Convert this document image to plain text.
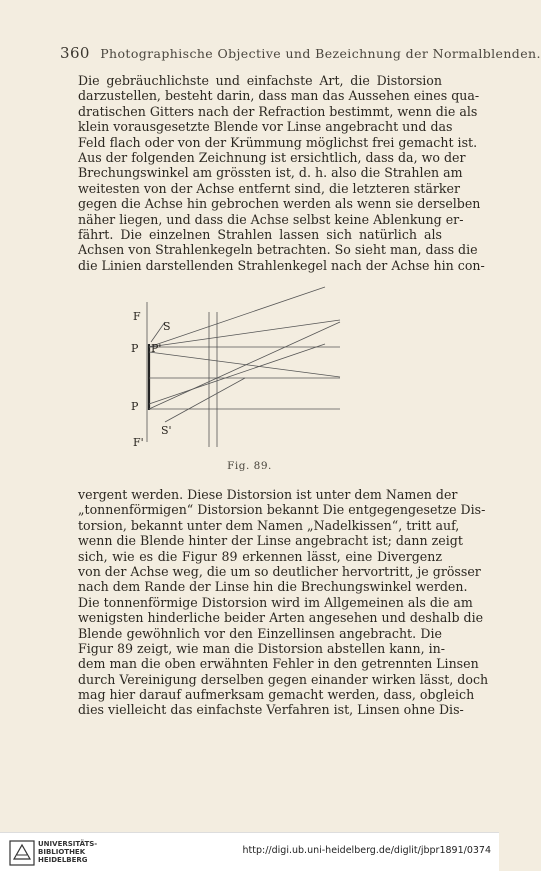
360 Photographische Objective und Bezeichnung der Normalblenden.
Die gebräuchlichste und einfachste Art, die Distorsion
darzustellen, besteht darin, dass man das Aussehen eines qua-
dratischen Gitters nach der Refraction bestimmt, wenn die als
klein vorausgesetzte Blende vor Linse angebracht und das
Feld flach oder von der Krümmung möglichst frei gemacht ist.
Aus der folgenden Zeichnung ist ersichtlich, dass da, wo der
Brechungswinkel am grössten ist, d. h. also die Strahlen am
weitesten von der Achse entfernt sind, die letzteren stärker
gegen die Achse hin gebrochen werden als wenn sie derselben
näher liegen, und dass die Achse selbst keine Ablenkung er-
fährt. Die einzelnen Strahlen lassen sich natürlich als
Achsen von Strahlenkegeln betrachten. So sieht man, dass die
die Linien darstellenden Strahlenkegel nach der Achse hin con-
F
S
P P'
P
S'
F'
Fig. 89.
vergent werden. Diese Distorsion ist unter dem Namen der
„tonnenförmigen“ Distorsion bekannt Die entgegengesetze Dis-
torsion, bekannt unter dem Namen „Nadelkissen“, tritt auf,
wenn die Blende hinter der Linse angebracht ist; dann zeigt
sich, wie es die Figur 89 erkennen lässt, eine Divergenz
von der Achse weg, die um so deutlicher hervortritt, je grösser
nach dem Rande der Linse hin die Brechungswinkel werden.
Die tonnenförmige Distorsion wird im Allgemeinen als die am
wenigsten hinderliche beider Arten angesehen und deshalb die
Blende gewöhnlich vor den Einzellinsen angebracht. Die
Figur 89 zeigt, wie man die Distorsion abstellen kann, in-
dem man die oben erwähnten Fehler in den getrennten Linsen
durch Vereinigung derselben gegen einander wirken lässt, doch
mag hier darauf aufmerksam gemacht werden, dass, obgleich
dies vielleicht das einfachste Verfahren ist, Linsen ohne Dis-
UNIVERSITÄTS-
BIBLIOTHEK
HEIDELBERG
http://digi.ub.uni-heidelberg.de/diglit/jbpr1891/0374
